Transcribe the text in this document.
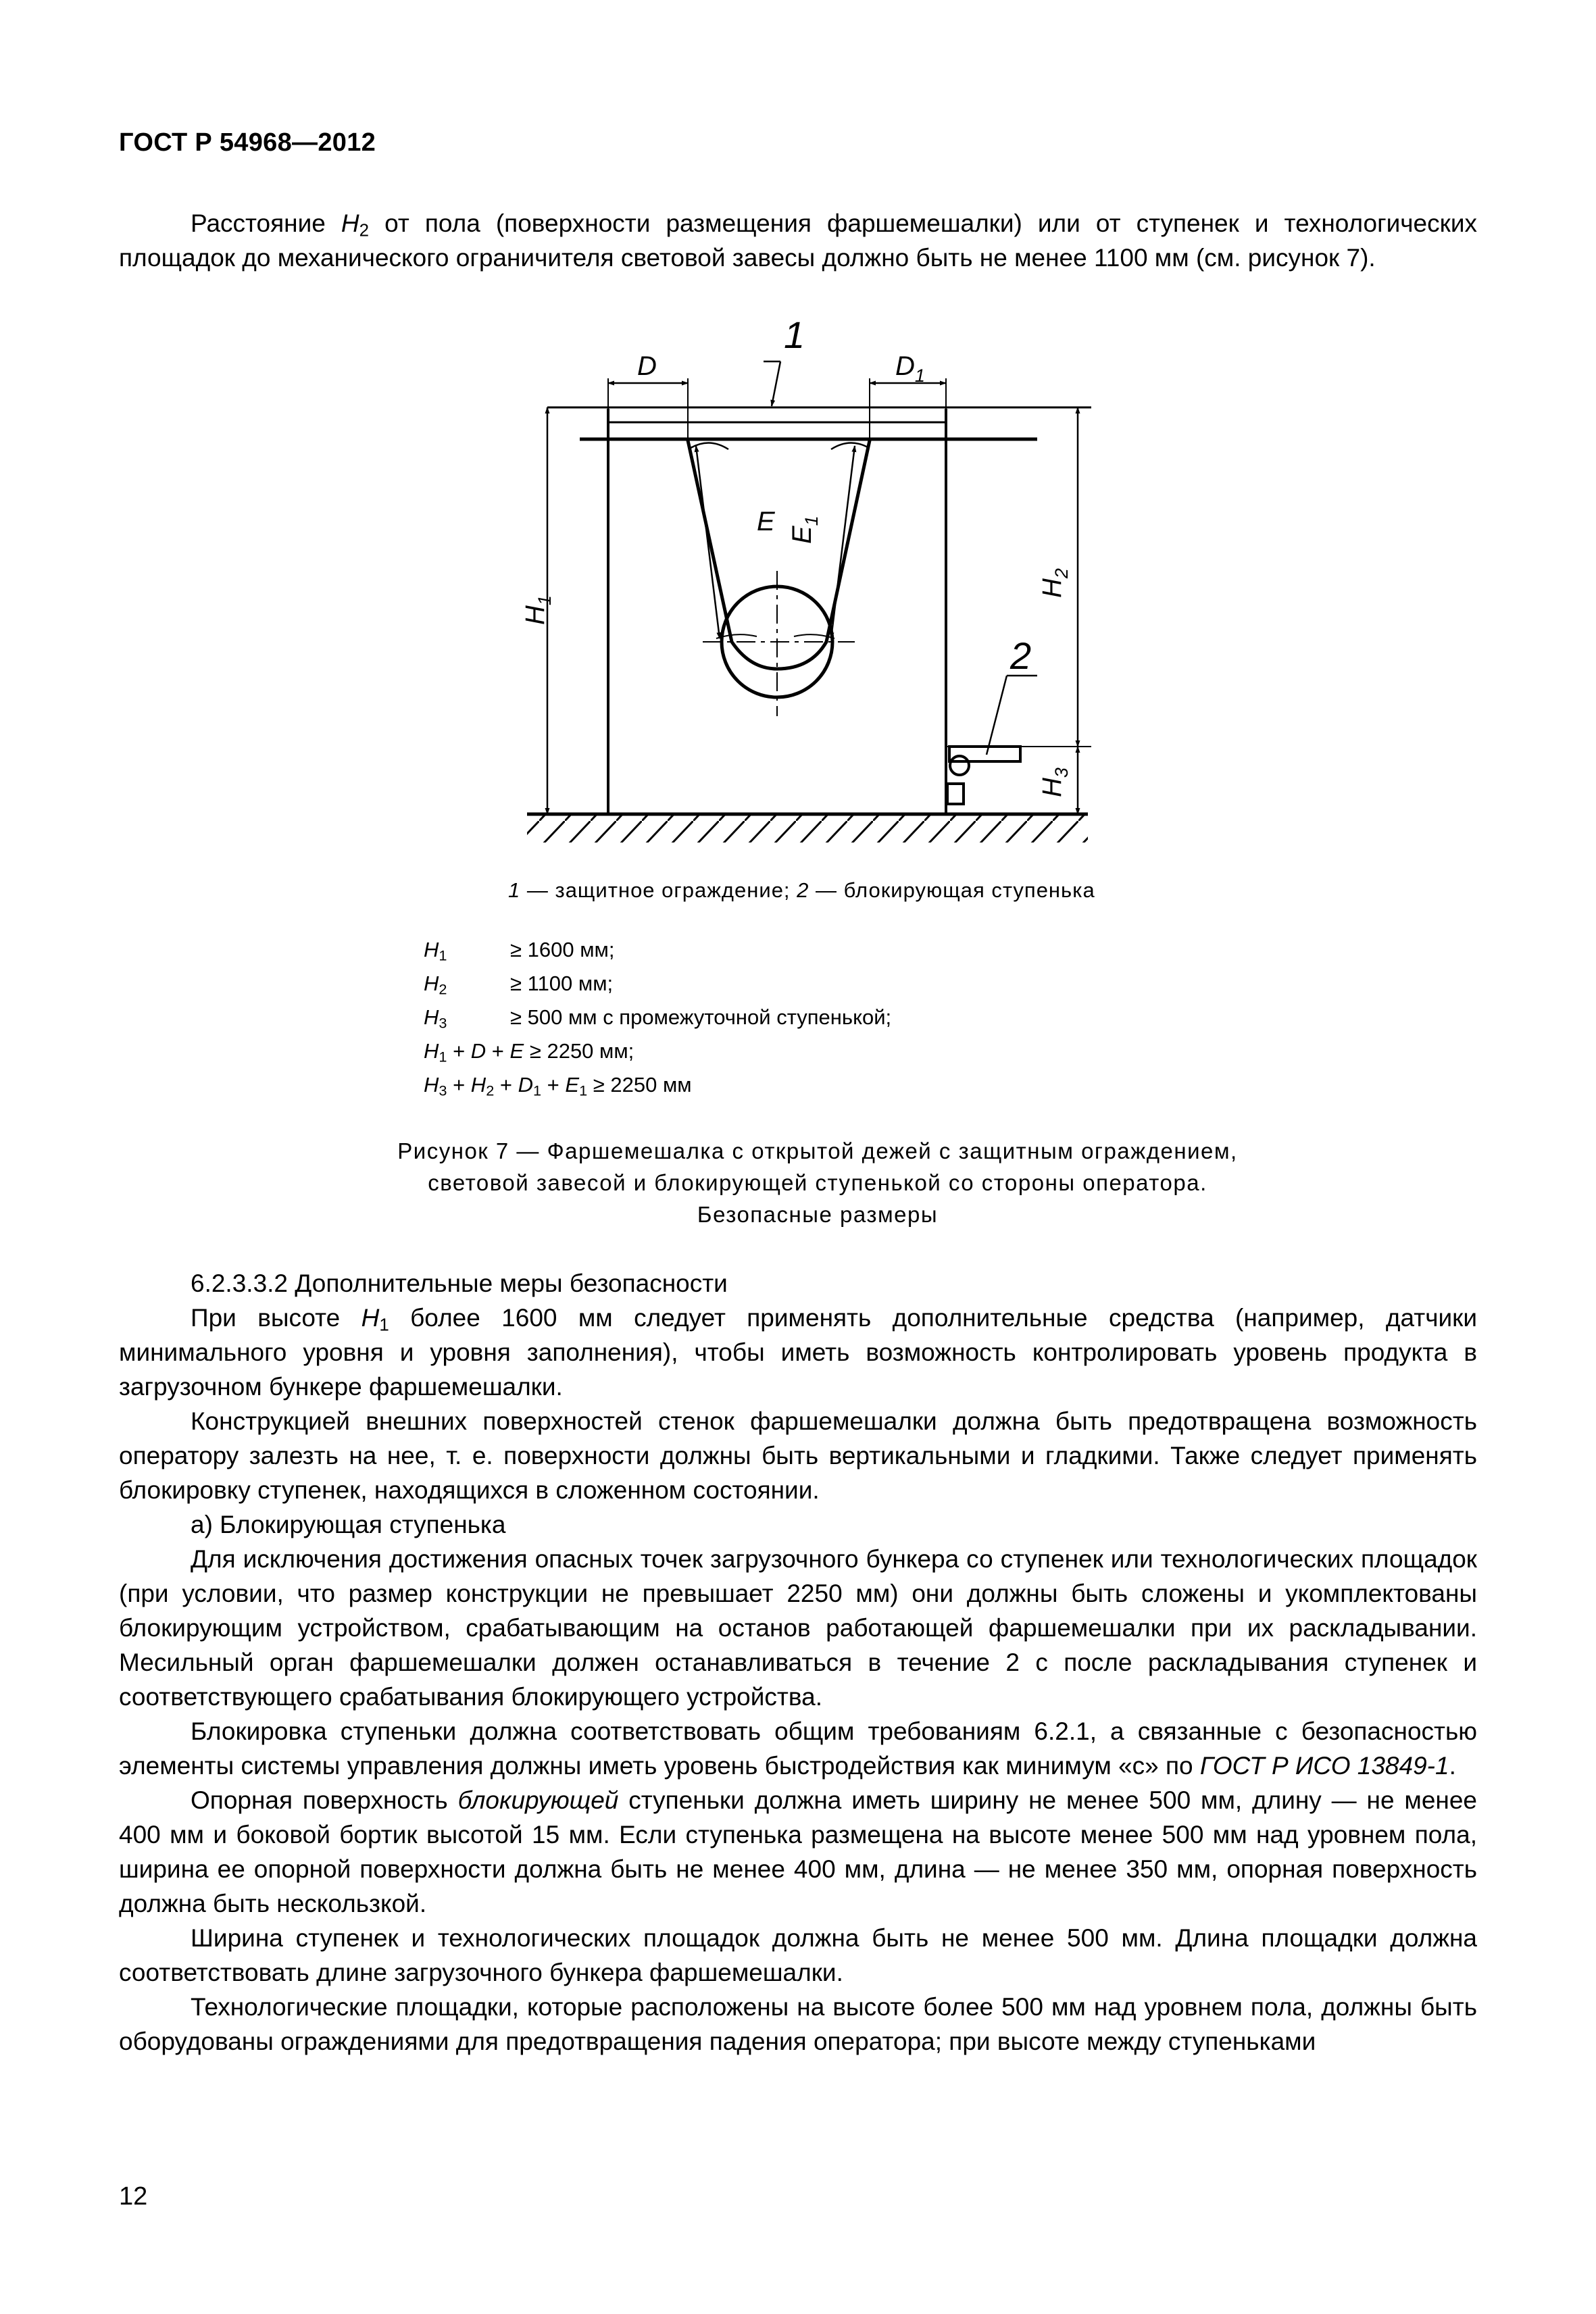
ГОСТ Р 54968—2012

Расстояние $H_2$ от пола (поверхности размещения фаршемешалки) или от ступенек и технологических площадок до механического ограничителя световой завесы должно быть не менее 1100 мм (см. рисунок 7).

D	$D_1$
1
E $E_1$
$H_1$
$H_2$
$H_3$
2
1 — защитное ограждение; 2 — блокирующая ступенька
$H_1$	≥ 1600 мм;
$H_2$	≥ 1100 мм;
$H_3$	≥ 500 мм с промежуточной ступенькой;
$H_1 + D + E \ge 2250$ мм;
$H_3 + H_2 + D_1 + E_1 \ge 2250$ мм
Рисунок 7 — Фаршемешалка с открытой дежей с защитным ограждением,
световой завесой и блокирующей ступенькой со стороны оператора.
Безопасные размеры

6.2.3.3.2 Дополнительные меры безопасности

При высоте $H_1$ более 1600 мм следует применять дополнительные средства (например, датчики минимального уровня и уровня заполнения), чтобы иметь возможность контролировать уровень продукта в загрузочном бункере фаршемешалки.

Конструкцией внешних поверхностей стенок фаршемешалки должна быть предотвращена возможность оператору залезть на нее, т. е. поверхности должны быть вертикальными и гладкими. Также следует применять блокировку ступенек, находящихся в сложенном состоянии.

а) Блокирующая ступенька

Для исключения достижения опасных точек загрузочного бункера со ступенек или технологических площадок (при условии, что размер конструкции не превышает 2250 мм) они должны быть сложены и укомплектованы блокирующим устройством, срабатывающим на останов работающей фаршемешалки при их раскладывании. Месильный орган фаршемешалки должен останавливаться в течение 2 с после раскладывания ступенек и соответствующего срабатывания блокирующего устройства.

Блокировка ступеньки должна соответствовать общим требованиям 6.2.1, а связанные с безопасностью элементы системы управления должны иметь уровень быстродействия как минимум «с» по ГОСТ Р ИСО 13849-1.

Опорная поверхность блокирующей ступеньки должна иметь ширину не менее 500 мм, длину — не менее 400 мм и боковой бортик высотой 15 мм. Если ступенька размещена на высоте менее 500 мм над уровнем пола, ширина ее опорной поверхности должна быть не менее 400 мм, длина — не менее 350 мм, опорная поверхность должна быть нескользкой.

Ширина ступенек и технологических площадок должна быть не менее 500 мм. Длина площадки должна соответствовать длине загрузочного бункера фаршемешалки.

Технологические площадки, которые расположены на высоте более 500 мм над уровнем пола, должны быть оборудованы ограждениями для предотвращения падения оператора; при высоте между ступеньками

12
